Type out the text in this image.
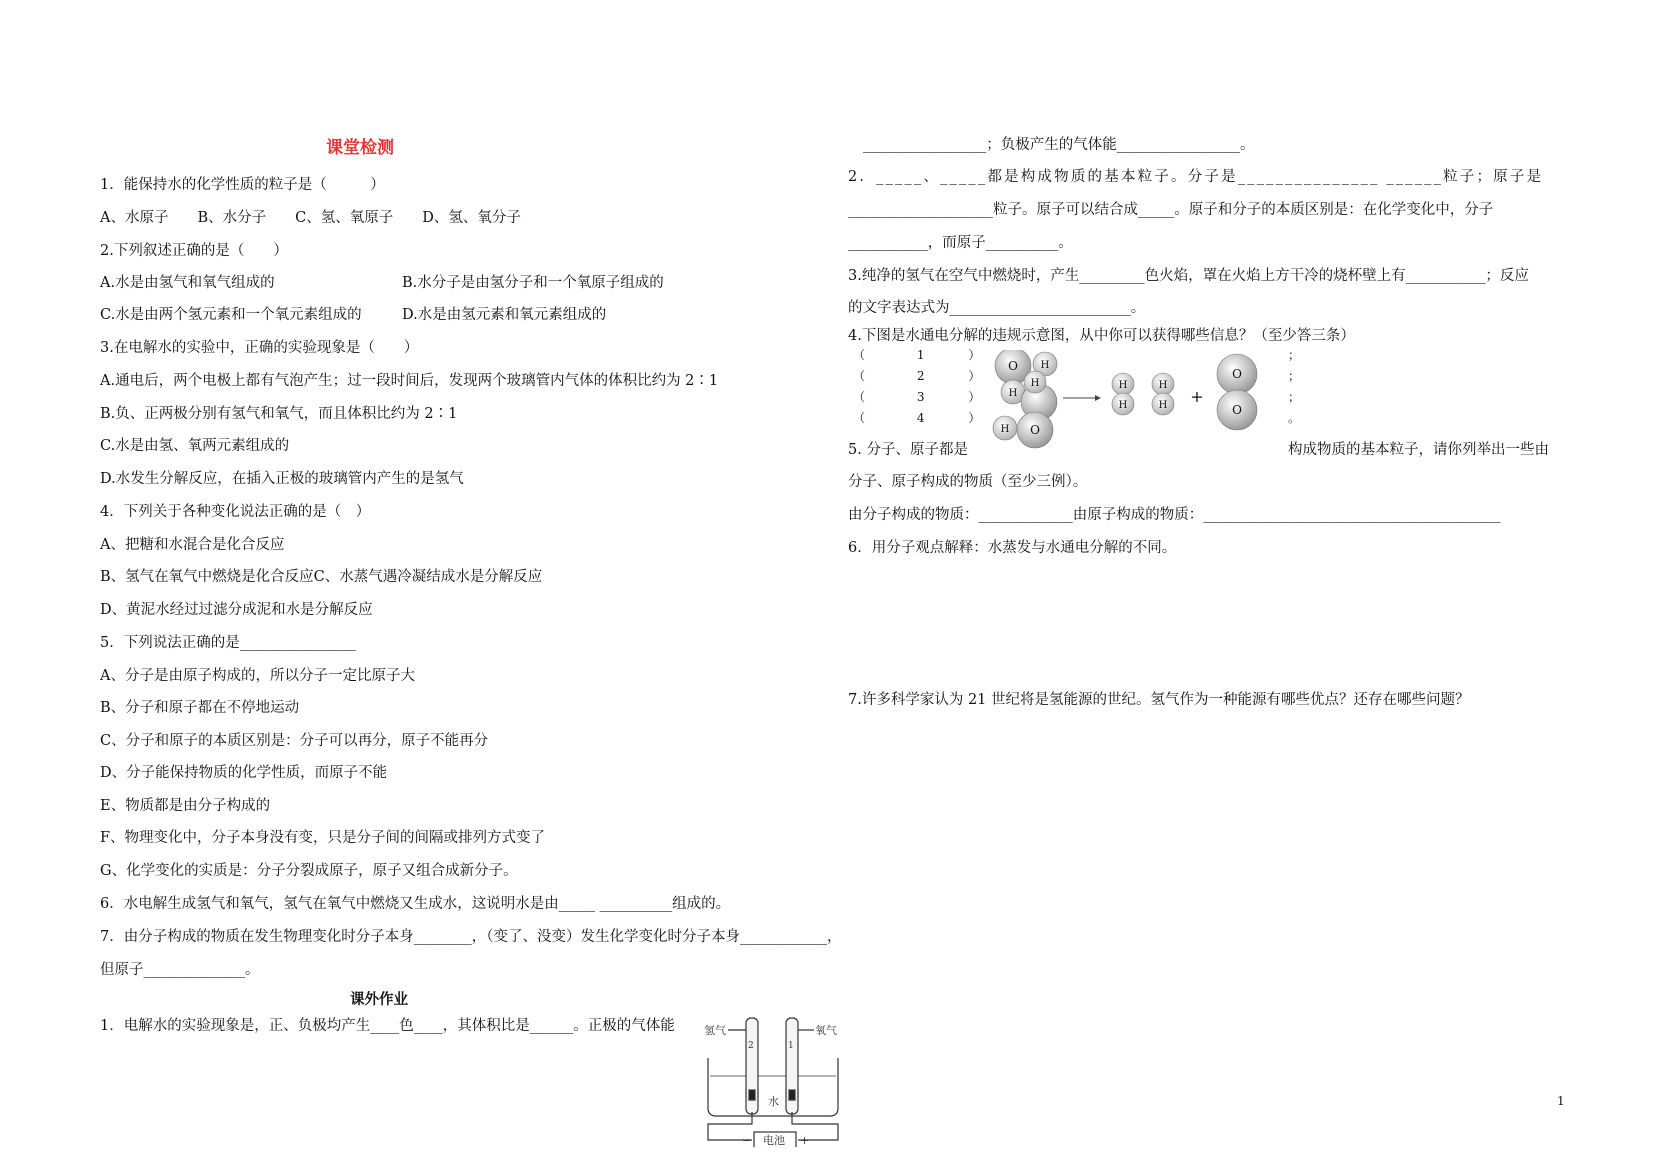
课堂检测
1．能保持水的化学性质的粒子是（　　　）
A、水原子　　B、水分子　　C、氢、氧原子　　D、氢、氧分子
2.下列叙述正确的是（　　）
A.水是由氢气和氧气组成的	B.水分子是由氢分子和一个氧原子组成的
C.水是由两个氢元素和一个氧元素组成的	D.水是由氢元素和氧元素组成的
3.在电解水的实验中，正确的实验现象是（　　）
A.通电后，两个电极上都有气泡产生；过一段时间后，发现两个玻璃管内气体的体积比约为 2∶1
B.负、正两极分别有氢气和氧气，而且体积比约为 2∶1
C.水是由氢、氧两元素组成的
D.水发生分解反应，在插入正极的玻璃管内产生的是氢气
4．下列关于各种变化说法正确的是（　）
A、把糖和水混合是化合反应
B、氢气在氧气中燃烧是化合反应C、水蒸气遇冷凝结成水是分解反应
D、黄泥水经过过滤分成泥和水是分解反应
5．下列说法正确的是________________
A、分子是由原子构成的，所以分子一定比原子大
B、分子和原子都在不停地运动
C、分子和原子的本质区别是：分子可以再分，原子不能再分
D、分子能保持物质的化学性质，而原子不能
E、物质都是由分子构成的
F、物理变化中，分子本身没有变，只是分子间的间隔或排列方式变了
G、化学变化的实质是：分子分裂成原子，原子又组合成新分子。
6．水电解生成氢气和氧气，氢气在氧气中燃烧又生成水，这说明水是由_____ __________组成的。
7．由分子构成的物质在发生物理变化时分子本身________，（变了、没变）发生化学变化时分子本身____________，
但原子______________。
课外作业
1．电解水的实验现象是，正、负极均产生____色____，其体积比是______。正极的气体能	氢气	氧气
2	1
水
电池
−	+
_________________；负极产生的气体能_________________。
2．_____、_____都是构成物质的基本粒子。分子是_______________ ______粒子；原子是
____________________粒子。原子可以结合成_____。原子和分子的本质区别是：在化学变化中，分子
___________，而原子__________。
3.纯净的氢气在空气中燃烧时，产生_________色火焰，罩在火焰上方干冷的烧杯壁上有___________；反应
的文字表达式为_________________________。
4.下图是水通电分解的违规示意图，从中你可以获得哪些信息？（至少答三条）
（	1	）
（	2	）
（	3	）
（	4	）
；
；
；
。
5. 分子、原子都是	构成物质的基本粒子，请你列举出一些由
分子、原子构成的物质（至少三例）。
由分子构成的物质：_____________由原子构成的物质：_________________________________________
6．用分子观点解释：水蒸发与水通电分解的不同。
7.许多科学家认为 21 世纪将是氢能源的世纪。氢气作为一种能源有哪些优点？还存在哪些问题？
O H
H
H
H O
H
H
H
H
O
O
+
1
